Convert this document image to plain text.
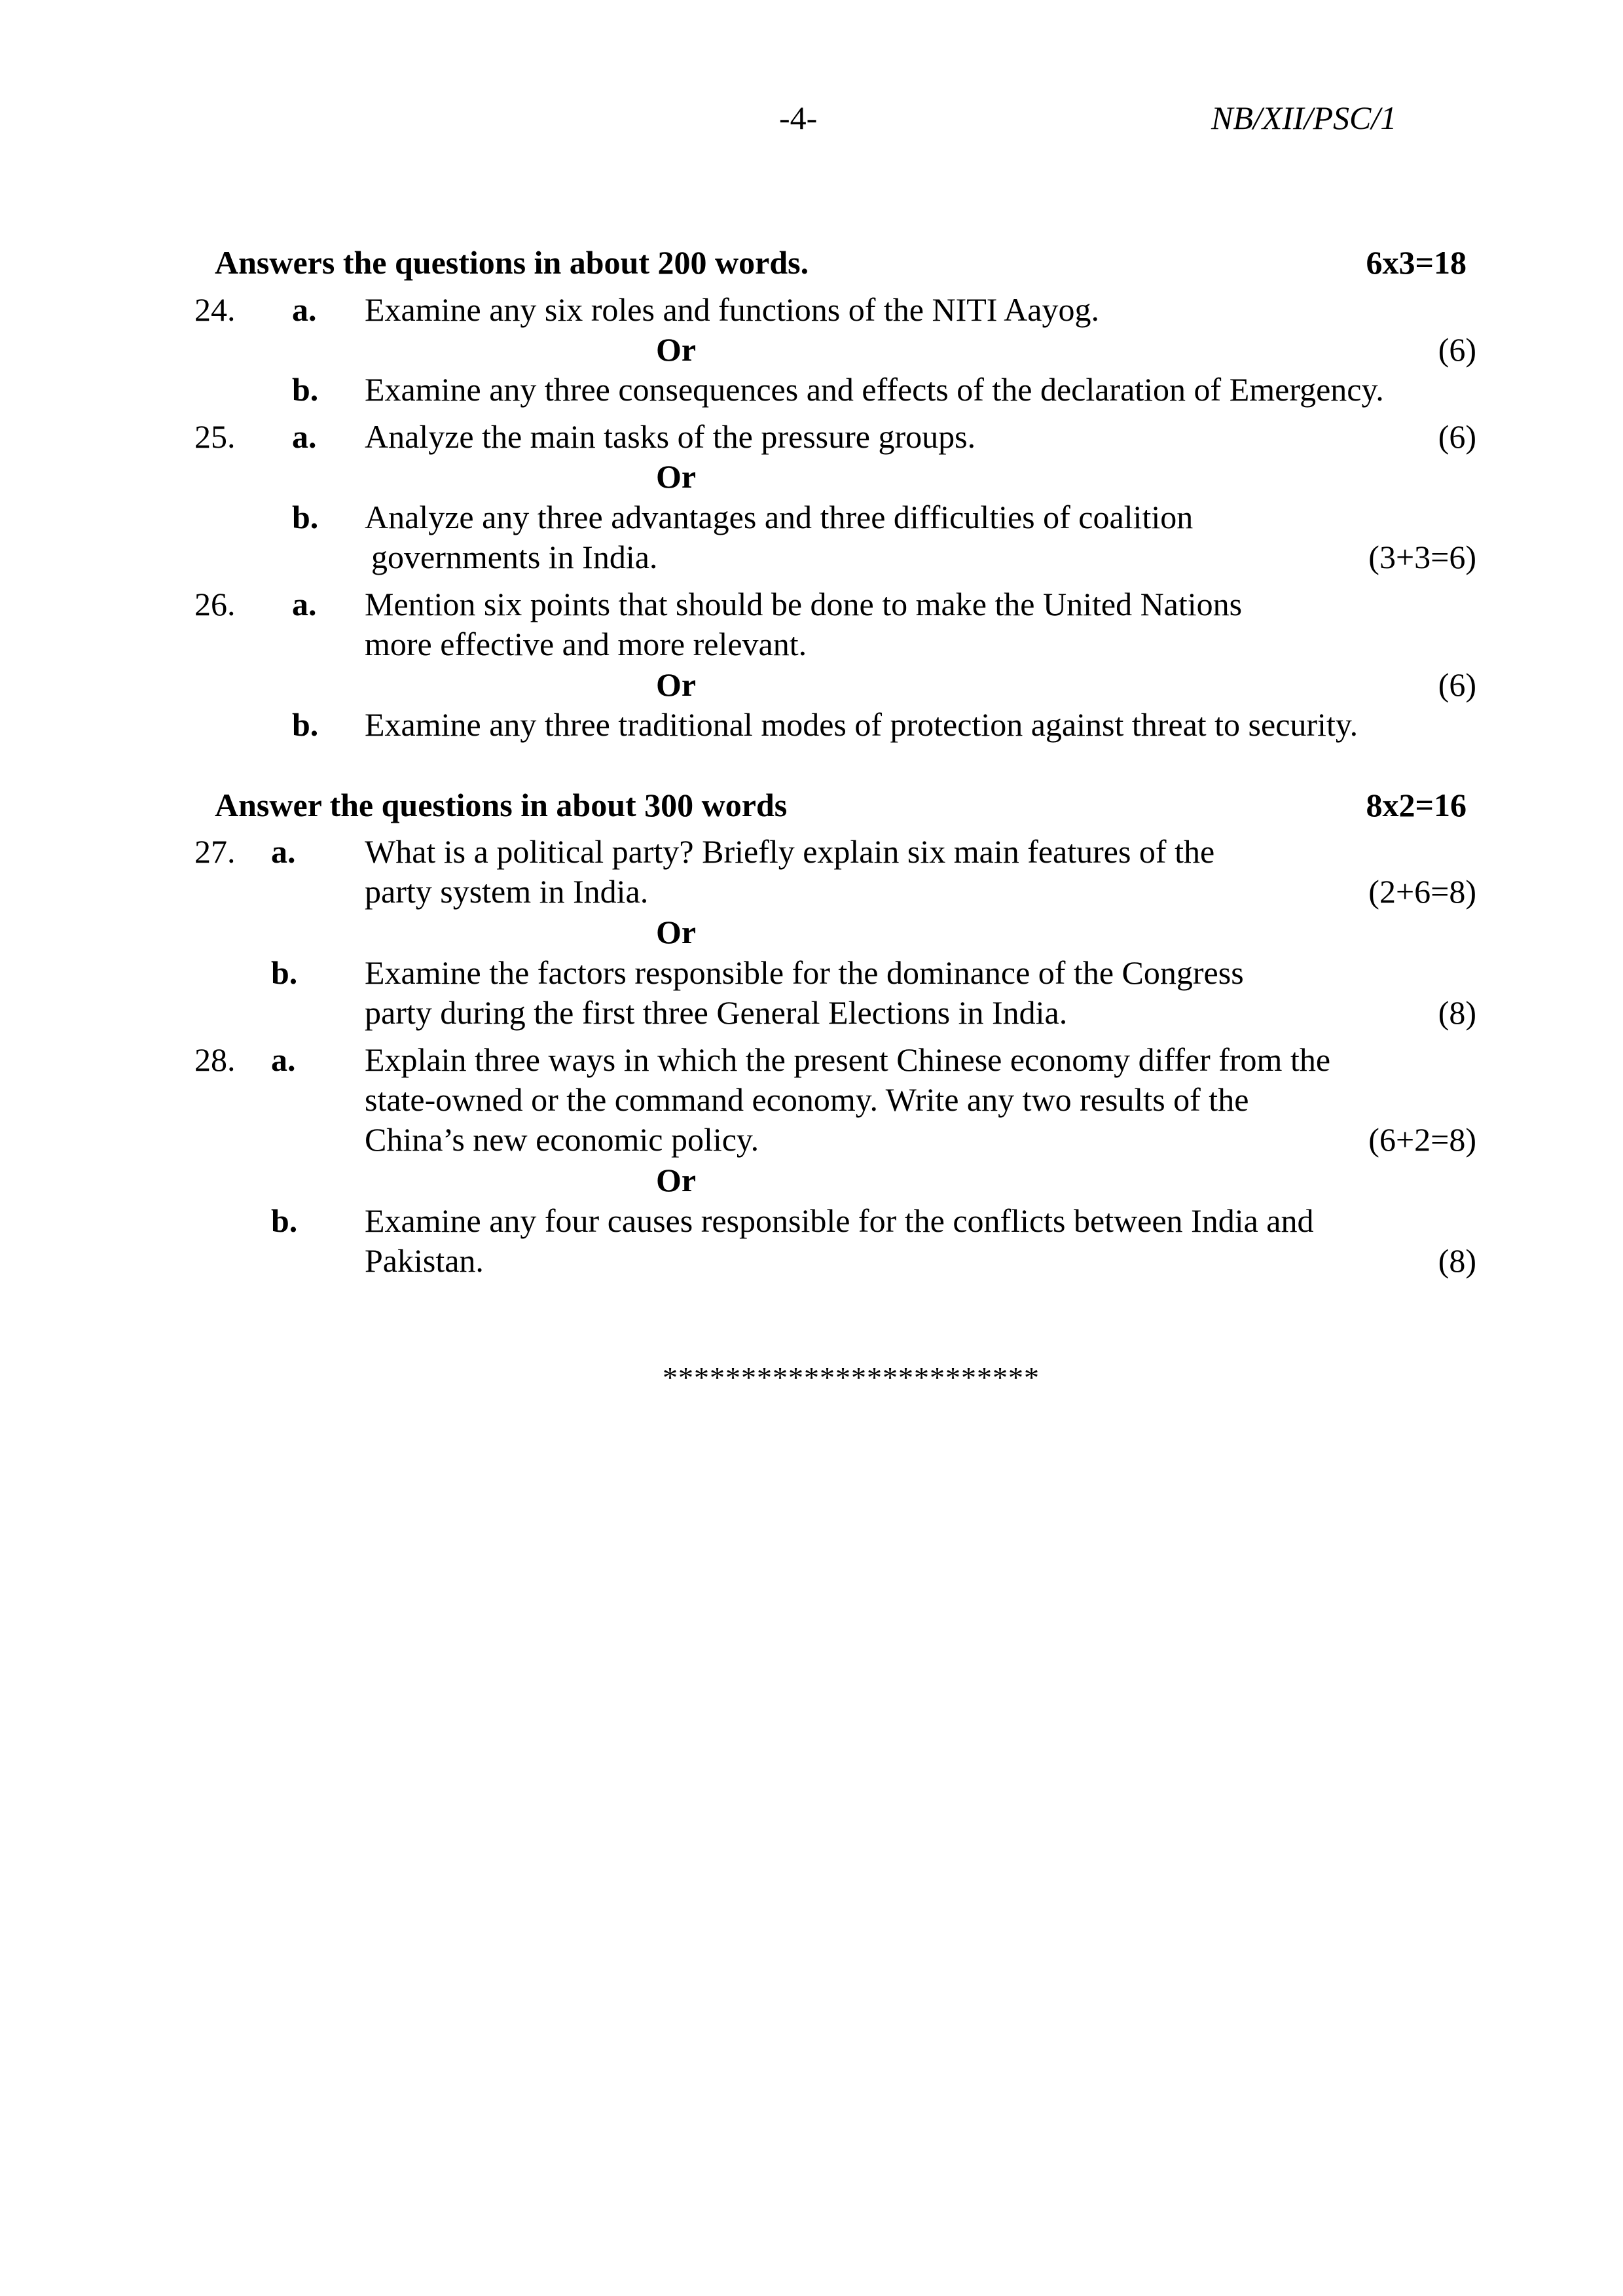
-4-	NB/XII/PSC/1
Answers the questions in about 200 words.	6x3=18
24. a. Examine any six roles and functions of the NITI Aayog.
Or	(6)
b. Examine any three consequences and effects of the declaration of Emergency.
25. a. Analyze the main tasks of the pressure groups.	(6)
Or
b. Analyze any three advantages and three difficulties of coalition
governments in India.	(3+3=6)
26. a. Mention six points that should be done to make the United Nations
more effective and more relevant.
Or	(6)
b. Examine any three traditional modes of protection against threat to security.
Answer the questions in about 300 words	8x2=16
27. a. What is a political party? Briefly explain six main features of the
party system in India.	(2+6=8)
Or
b. Examine the factors responsible for the dominance of the Congress
party during the first three General Elections in India.	(8)
28. a. Explain three ways in which the present Chinese economy differ from the
state-owned or the command economy. Write any two results of the
China’s new economic policy.	(6+2=8)
Or
b. Examine any four causes responsible for the conflicts between India and
Pakistan.	(8)
************************
